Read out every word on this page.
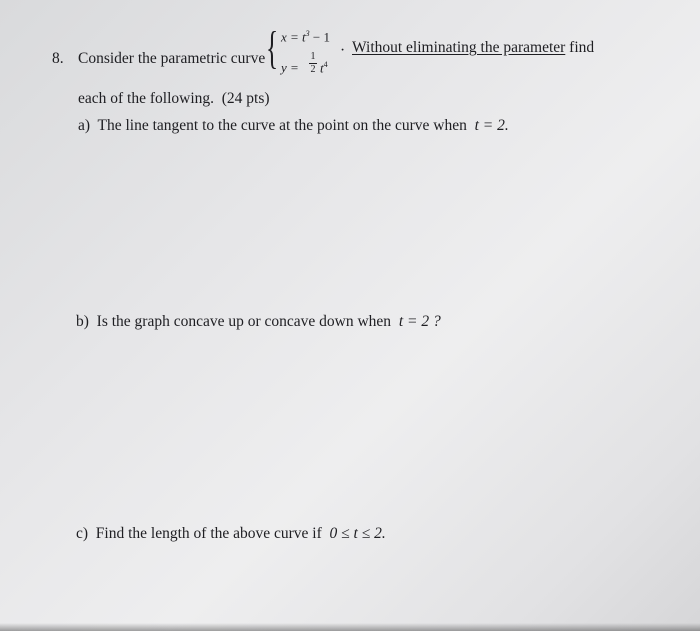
8. Consider the parametric curve { $x = t^3 - 1$
y =
1
2 $t^4$
· Without eliminating the parameter find
each of the following. (24 pts)
a) The line tangent to the curve at the point on the curve when t = 2.
b) Is the graph concave up or concave down when t = 2 ?
c) Find the length of the above curve if 0 ≤ t ≤ 2.
